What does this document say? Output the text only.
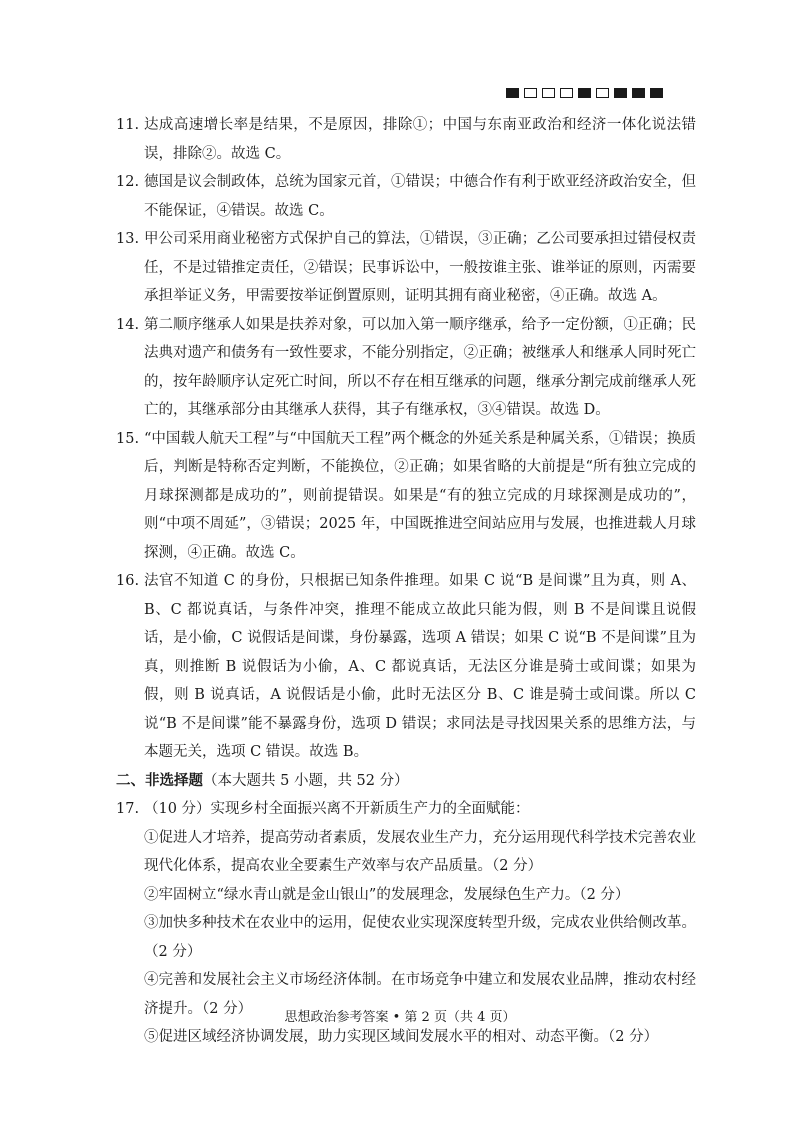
11. 达成高速增长率是结果，不是原因，排除①；中国与东南亚政治和经济一体化说法错误，排除②。故选 C。
12. 德国是议会制政体，总统为国家元首，①错误；中德合作有利于欧亚经济政治安全，但不能保证，④错误。故选 C。
13. 甲公司采用商业秘密方式保护自己的算法，①错误，③正确；乙公司要承担过错侵权责任，不是过错推定责任，②错误；民事诉讼中，一般按谁主张、谁举证的原则，丙需要承担举证义务，甲需要按举证倒置原则，证明其拥有商业秘密，④正确。故选 A。
14. 第二顺序继承人如果是扶养对象，可以加入第一顺序继承，给予一定份额，①正确；民法典对遗产和债务有一致性要求，不能分别指定，②正确；被继承人和继承人同时死亡的，按年龄顺序认定死亡时间，所以不存在相互继承的问题，继承分割完成前继承人死亡的，其继承部分由其继承人获得，其子有继承权，③④错误。故选 D。
15. “中国载人航天工程”与“中国航天工程”两个概念的外延关系是种属关系，①错误；换质后，判断是特称否定判断，不能换位，②正确；如果省略的大前提是“所有独立完成的月球探测都是成功的”，则前提错误。如果是“有的独立完成的月球探测是成功的”，则“中项不周延”，③错误；2025 年，中国既推进空间站应用与发展，也推进载人月球探测，④正确。故选 C。
16. 法官不知道 C 的身份，只根据已知条件推理。如果 C 说“B 是间谍”且为真，则 A、B、C 都说真话，与条件冲突，推理不能成立故此只能为假，则 B 不是间谍且说假话，是小偷，C 说假话是间谍，身份暴露，选项 A 错误；如果 C 说“B 不是间谍”且为真，则推断 B 说假话为小偷，A、C 都说真话，无法区分谁是骑士或间谍；如果为假，则 B 说真话，A 说假话是小偷，此时无法区分 B、C 谁是骑士或间谍。所以 C 说“B 不是间谍”能不暴露身份，选项 D 错误；求同法是寻找因果关系的思维方法，与本题无关，选项 C 错误。故选 B。
二、非选择题（本大题共 5 小题，共 52 分）
17. （10 分）实现乡村全面振兴离不开新质生产力的全面赋能：
①促进人才培养，提高劳动者素质，发展农业生产力，充分运用现代科学技术完善农业现代化体系，提高农业全要素生产效率与农产品质量。（2 分）
②牢固树立“绿水青山就是金山银山”的发展理念，发展绿色生产力。（2 分）
③加快多种技术在农业中的运用，促使农业实现深度转型升级，完成农业供给侧改革。（2 分）
④完善和发展社会主义市场经济体制。在市场竞争中建立和发展农业品牌，推动农村经济提升。（2 分）
⑤促进区域经济协调发展，助力实现区域间发展水平的相对、动态平衡。（2 分）
思想政治参考答案 • 第 2 页（共 4 页）
